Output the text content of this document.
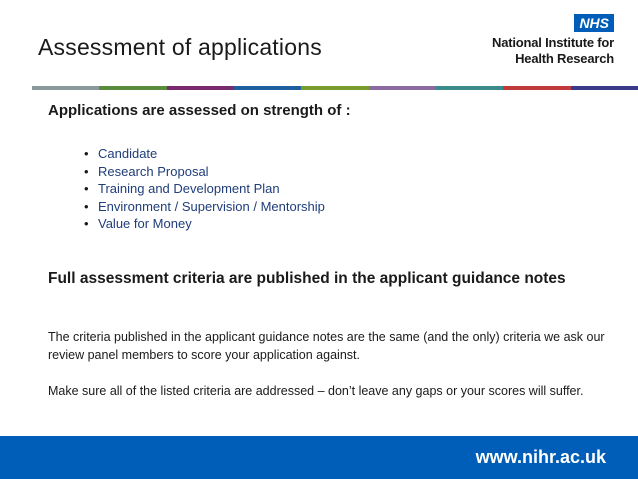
Assessment of applications
NHS
National Institute for
Health Research
Applications are assessed on strength of :
• Candidate
• Research Proposal
• Training and Development Plan
• Environment / Supervision / Mentorship
• Value for Money
Full assessment criteria are published in the applicant guidance notes
The criteria published in the applicant guidance notes are the same (and the only) criteria we ask our review panel members to score your application against.
Make sure all of the listed criteria are addressed – don’t leave any gaps or your scores will suffer.
www.nihr.ac.uk
